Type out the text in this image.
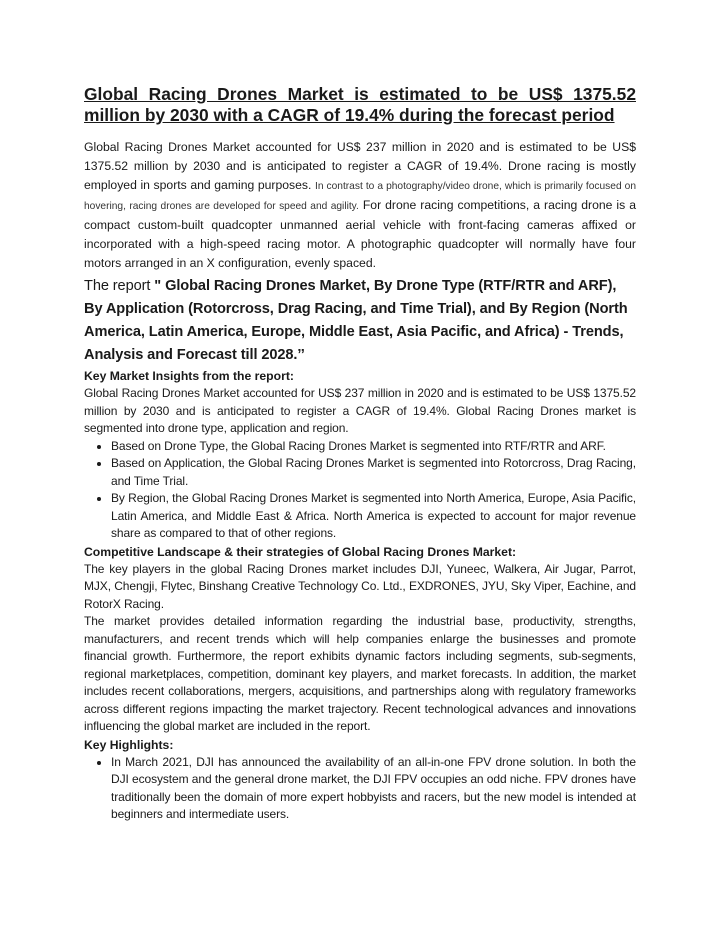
Global Racing Drones Market is estimated to be US$ 1375.52 million by 2030 with a CAGR of 19.4% during the forecast period

Global Racing Drones Market accounted for US$ 237 million in 2020 and is estimated to be US$ 1375.52 million by 2030 and is anticipated to register a CAGR of 19.4%. Drone racing is mostly employed in sports and gaming purposes. In contrast to a photography/video drone, which is primarily focused on hovering, racing drones are developed for speed and agility. For drone racing competitions, a racing drone is a compact custom-built quadcopter unmanned aerial vehicle with front-facing cameras affixed or incorporated with a high-speed racing motor. A photographic quadcopter will normally have four motors arranged in an X configuration, evenly spaced.

The report " Global Racing Drones Market, By Drone Type (RTF/RTR and ARF), By Application (Rotorcross, Drag Racing, and Time Trial), and By Region (North America, Latin America, Europe, Middle East, Asia Pacific, and Africa) - Trends, Analysis and Forecast till 2028.’’

Key Market Insights from the report:

Global Racing Drones Market accounted for US$ 237 million in 2020 and is estimated to be US$ 1375.52 million by 2030 and is anticipated to register a CAGR of 19.4%. Global Racing Drones market is segmented into drone type, application and region.

• Based on Drone Type, the Global Racing Drones Market is segmented into RTF/RTR and ARF.
• Based on Application, the Global Racing Drones Market is segmented into Rotorcross, Drag Racing, and Time Trial.
• By Region, the Global Racing Drones Market is segmented into North America, Europe, Asia Pacific, Latin America, and Middle East & Africa. North America is expected to account for major revenue share as compared to that of other regions.
Competitive Landscape & their strategies of Global Racing Drones Market:

The key players in the global Racing Drones market includes DJI, Yuneec, Walkera, Air Jugar, Parrot, MJX, Chengji, Flytec, Binshang Creative Technology Co. Ltd., EXDRONES, JYU, Sky Viper, Eachine, and RotorX Racing.

The market provides detailed information regarding the industrial base, productivity, strengths, manufacturers, and recent trends which will help companies enlarge the businesses and promote financial growth. Furthermore, the report exhibits dynamic factors including segments, sub-segments, regional marketplaces, competition, dominant key players, and market forecasts. In addition, the market includes recent collaborations, mergers, acquisitions, and partnerships along with regulatory frameworks across different regions impacting the market trajectory. Recent technological advances and innovations influencing the global market are included in the report.

Key Highlights:
• In March 2021, DJI has announced the availability of an all-in-one FPV drone solution. In both the DJI ecosystem and the general drone market, the DJI FPV occupies an odd niche. FPV drones have traditionally been the domain of more expert hobbyists and racers, but the new model is intended at beginners and intermediate users.
